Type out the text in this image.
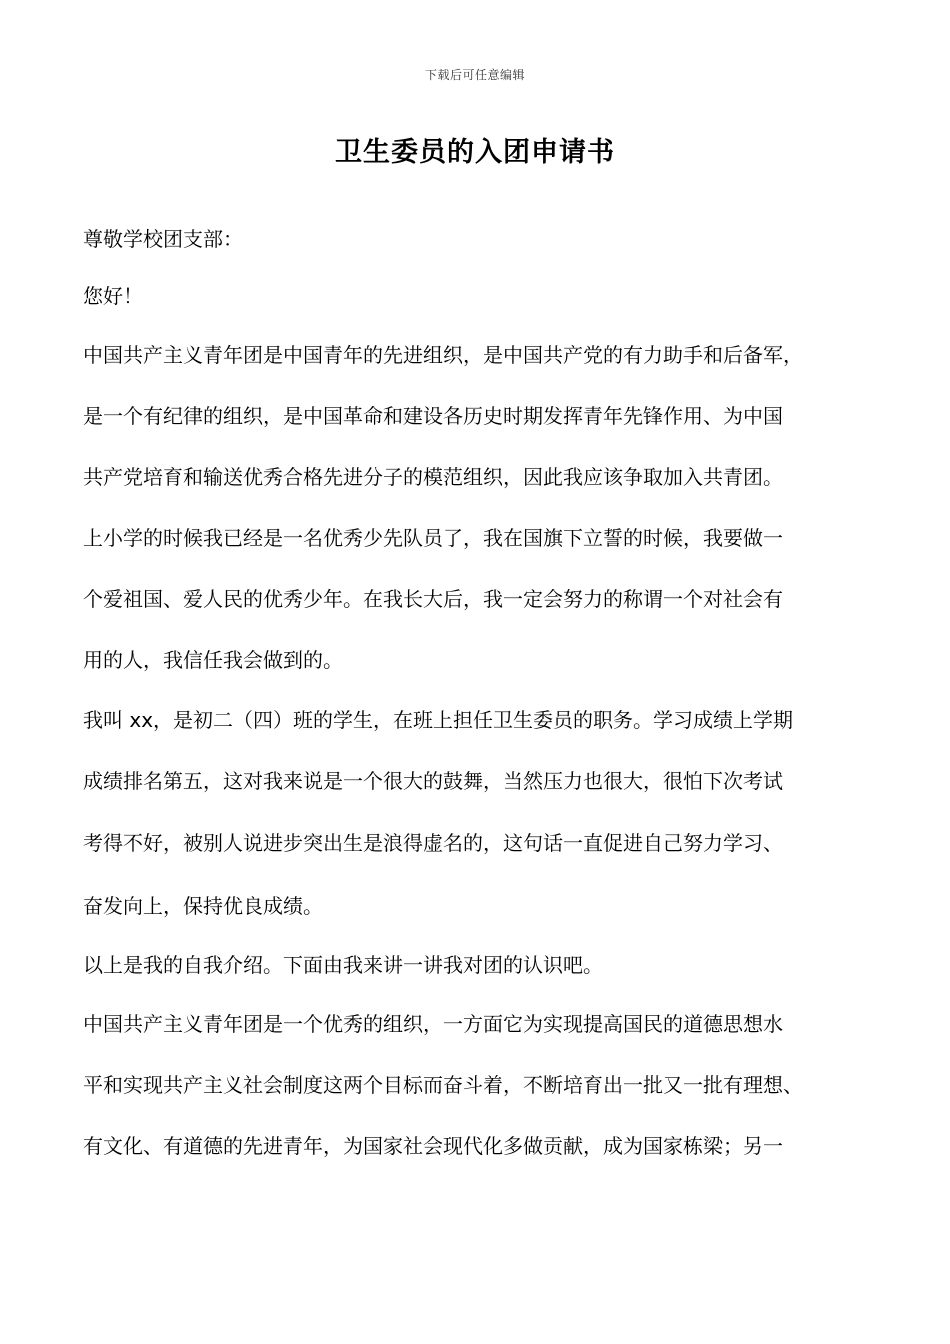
下载后可任意编辑
卫生委员的入团申请书
尊敬学校团支部：
您好！
中国共产主义青年团是中国青年的先进组织，是中国共产党的有力助手和后备军，
是一个有纪律的组织，是中国革命和建设各历史时期发挥青年先锋作用、为中国
共产党培育和输送优秀合格先进分子的模范组织，因此我应该争取加入共青团。
上小学的时候我已经是一名优秀少先队员了，我在国旗下立誓的时候，我要做一
个爱祖国、爱人民的优秀少年。在我长大后，我一定会努力的称谓一个对社会有
用的人，我信任我会做到的。
我叫 xx，是初二（四）班的学生，在班上担任卫生委员的职务。学习成绩上学期
成绩排名第五，这对我来说是一个很大的鼓舞，当然压力也很大，很怕下次考试
考得不好，被别人说进步突出生是浪得虚名的，这句话一直促进自己努力学习、
奋发向上，保持优良成绩。
以上是我的自我介绍。下面由我来讲一讲我对团的认识吧。
中国共产主义青年团是一个优秀的组织，一方面它为实现提高国民的道德思想水
平和实现共产主义社会制度这两个目标而奋斗着，不断培育出一批又一批有理想、
有文化、有道德的先进青年，为国家社会现代化多做贡献，成为国家栋梁；另一
